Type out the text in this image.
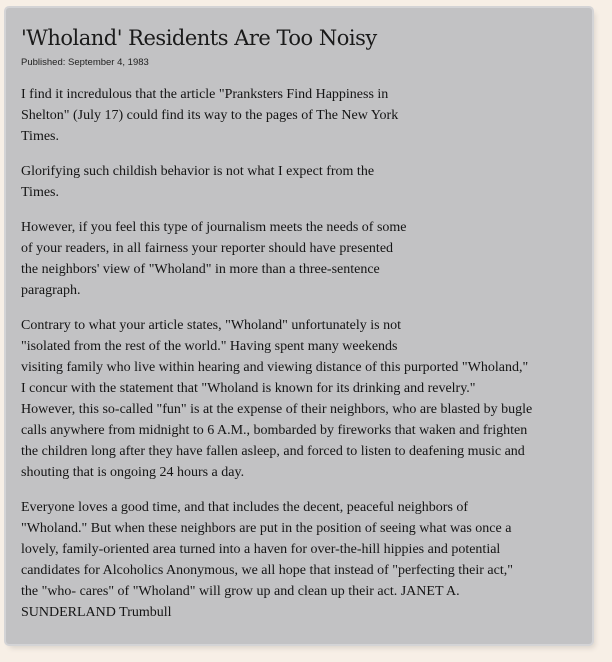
'Wholand' Residents Are Too Noisy

Published: September 4, 1983

I find it incredulous that the article "Pranksters Find Happiness in
Shelton" (July 17) could find its way to the pages of The New York
Times.

Glorifying such childish behavior is not what I expect from the
Times.

However, if you feel this type of journalism meets the needs of some
of your readers, in all fairness your reporter should have presented
the neighbors' view of "Wholand" in more than a three-sentence
paragraph.

Contrary to what your article states, "Wholand" unfortunately is not
"isolated from the rest of the world." Having spent many weekends
visiting family who live within hearing and viewing distance of this purported "Wholand,"
I concur with the statement that "Wholand is known for its drinking and revelry."
However, this so-called "fun" is at the expense of their neighbors, who are blasted by bugle
calls anywhere from midnight to 6 A.M., bombarded by fireworks that waken and frighten
the children long after they have fallen asleep, and forced to listen to deafening music and
shouting that is ongoing 24 hours a day.

Everyone loves a good time, and that includes the decent, peaceful neighbors of
"Wholand." But when these neighbors are put in the position of seeing what was once a
lovely, family-oriented area turned into a haven for over-the-hill hippies and potential
candidates for Alcoholics Anonymous, we all hope that instead of "perfecting their act,"
the "who- cares" of "Wholand" will grow up and clean up their act. JANET A.
SUNDERLAND Trumbull
